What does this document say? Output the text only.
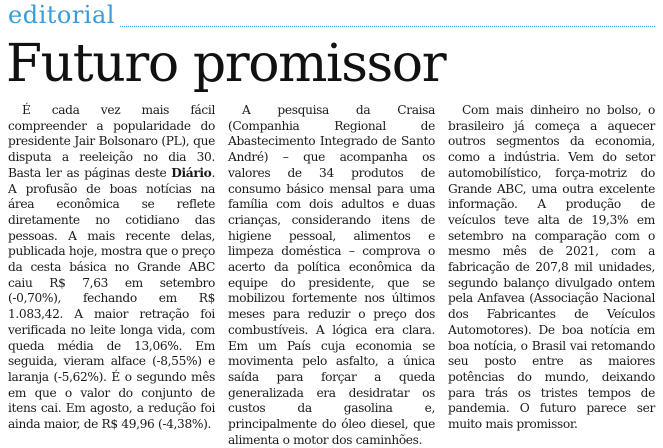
editorial
Futuro promissor

É cada vez mais fácil compreender a popularidade do presidente Jair Bolsonaro (PL), que disputa a reeleição no dia 30. Basta ler as páginas deste Diário. A profusão de boas notícias na área econômica se reflete diretamente no cotidiano das pessoas. A mais recente delas, publicada hoje, mostra que o preço da cesta básica no Grande ABC caiu R$ 7,63 em setembro (-0,70%), fechando em R$ 1.083,42. A maior retração foi verificada no leite longa vida, com queda média de 13,06%. Em seguida, vieram alface (-8,55%) e laranja (-5,62%). É o segundo mês em que o valor do conjunto de itens cai. Em agosto, a redução foi ainda maior, de R$ 49,96 (-4,38%).

A pesquisa da Craisa (Companhia Regional de Abastecimento Integrado de Santo André) – que acompanha os valores de 34 produtos de consumo básico mensal para uma família com dois adultos e duas crianças, considerando itens de higiene pessoal, alimentos e limpeza doméstica – comprova o acerto da política econômica da equipe do presidente, que se mobilizou fortemente nos últimos meses para reduzir o preço dos combustíveis. A lógica era clara. Em um País cuja economia se movimenta pelo asfalto, a única saída para forçar a queda generalizada era desidratar os custos da gasolina e, principalmente do óleo diesel, que alimenta o motor dos caminhões.

Com mais dinheiro no bolso, o brasileiro já começa a aquecer outros segmentos da economia, como a indústria. Vem do setor automobilístico, força-motriz do Grande ABC, uma outra excelente informação. A produção de veículos teve alta de 19,3% em setembro na comparação com o mesmo mês de 2021, com a fabricação de 207,8 mil unidades, segundo balanço divulgado ontem pela Anfavea (Associação Nacional dos Fabricantes de Veículos Automotores). De boa notícia em boa notícia, o Brasil vai retomando seu posto entre as maiores potências do mundo, deixando para trás os tristes tempos de pandemia. O futuro parece ser muito mais promissor.
